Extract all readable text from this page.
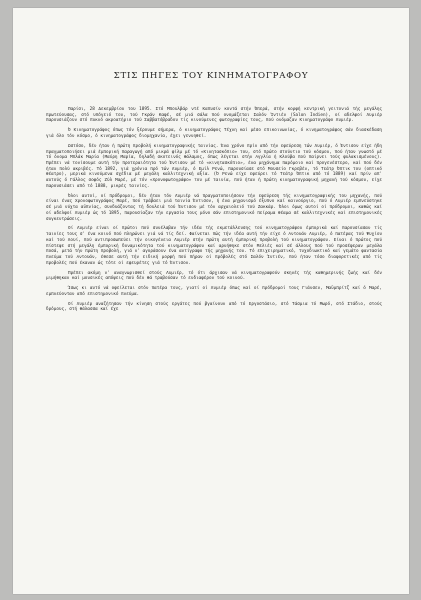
ΣΤΙΣ ΠΗΓΕΣ ΤΟΥ ΚΙΝΗΜΑΤΟΓΡΑΦΟΥ

Παρίσι, 28 Δεκεμβρίου του 1895. Στό Μπουλβάρ ντέ Καπυσίν κοντά στήν Όπερά, στήν κορφή κεντρική γειτονιά τής μεγάλης πρωτεύουσας, στό υπόγειό του, τού Γκράν Καφέ, σέ μιά σάλα πού ονομάζεται Σαλόν Ίντιέν (Salon Indien), οί αδελφοί Λυμιέρ παρουσιάζουν στό πυκνό ακροατήριο τού Σαββατόβραδου τίς κινούμενες φωτογραφίες τους, πού ονόμαζαν Κινηματογράφο Λυμιέρ.

Ό Κινηματογράφος όπως τόν ξέρουμε σήμερα, ό κινηματογράφος Τέχνη καί μέσο επικοινωνίας, ό κινηματογράφος σάν διασκέδαση γιά όλο τόν κόσμο, ό κινηματογράφος διομηχανία, έχει γεννηθεί.

Ωστόσο, δέν ήταν ή πρώτη προβολή κινηματογραφικής ταινίας. Ένα χρόνο πρίν από τήν εφεύρεση τών Λυμιέρ, ό Έντισον είχε ήδη πραγματοποιήσει μιά έμπορική παραγωγή από μικρά φίλμ μέ τό «Κινητασκόπιο» του, στό πρώτο στούντιο τού κόσμου, πού ήταν γνωστό μέ τό όνομα Μπλάκ Μαρία (Μαύρη Μαρία, δηλαδή σκοτεινός θάλαμος, όπως λέγεται στήν Αγγλία ή Κλούβα πού παίρνει τούς φυλακισμένους). Πρέπει νά τονίσουμε αυτή τήν προτεραιότητα τού Έντισον μέ τό «κινητασκόπιο», ένα μηχάνημα παρόμοιο καί προγενέστερο, καί πού δέν ήταν πολύ ακριβές. Τό 1892, γιά χρόνια πρό τών Λυμιέρ, ό Εμίλ Ρενώ, παρουσίασε στό Μουσείο Γκρεβέν, τό Τεάτρ Όπτικ του (οπτικό θέατρο), μερικά κινούμενα σχέδια μέ μεγάλη καλλιτεχνική αξία. (Ό Ρενώ είχε εφεύρει τό Τεάτρ Όπτικ από τό 1889) καί πρίν απ' αυτούς ό Γάλλος σοφός Ζύλ Μαρέ, μέ τόν «Χρονοφωτογράφο» του μέ ταινία, πού ήταν ή πρώτη κινηματογραφική μηχανή τού κόσμου, είχε παρουσιάσει από τό 1888, μικρές ταινίες.

Όλοι αυτοί, οί πρόδρομοι, δέν ήταν τόν Λυμιέρ νά πραγματοποιήσουν τήν εφεύρεση τής κινηματογραφικής του μηχανής, πού είναι ένας Χρονοφωτογράφος Μαρέ, πού τράβαει μιά ταινία Έντισον, ή ένα μηχανισμό έξυπνο καί καινούργιο, πού ό Λυμιέρ εμπνεύστηκε σέ μιά νύχτα αϋπνίας, συνδυάζοντας τή δουλειά τού Έντισον μέ τόν αρχαιολειό τού Ζακκάρ. Όλοι όμως αυτοί οί πρόδρομοι, καθώς καί οί αδελφοί Λυμιέρ ώς τό 1895, παρουσίαζαν τήν εργασία τους μόνο σάν επιστημονικό πείραμα θέαμα σέ καλλιτεχνικές καί επιστημονικές συγκεντρώσεις.

Οί Λυμιέρ είναι οί πρώτοι πού συνέλαβαν τήν ιδέα τής εκμετάλλευσης τού κινηματογράφου έμπορικά καί παρουσίασαν τίς ταινίες τους σ' ένα κοινό πού πληρώνει γιά νά τίς δεί. Φαίνεται πώς τήν ιδέα αυτή τήν είχε ό Αντουάν Λυμιέρ, ό πατέρας τού Ψυχίου καί τού Λουί, πού αντιπροσωπεύει τήν οικογένεια Λυμιέρ στήν πρώτη αυτή έμπορική προβολή τού κινηματογράφου. Είναι ό πρώτος πού πίστεψε στή μεγάλη έμπορική δυναμικότητα τού κινηματογράφου καί αρνήθηκε στόν Μελιές καί σέ άλλους πού τού προσέφεραν μεγάλα ποσά, μετά τήν πρώτη προβολή, γιά ν' αγοράσουν ένα αντίγραφο τής μηχανής του. Τό επιχειρηματικό, τυχοδιωκτικό καί γεμάτο φαντασία πνεύμα τού Αντουάν, έθεσε αυτή τήν ειδική μορφή πού πήραν οί πρόβολές στό Σαλόν Ίντιέν, πού ήταν τόσο διαφορετικές από τίς προβολές πού έκαναν ώς τότε οί εφευρέτες γιά τό Έντισον.

Πρέπει ακόμη ν' αναγνωρισθεί στούς Λυμιέρ, τό ότι άρχισαν νά κινηματογραφούν σκηνές τής καθημερινής ζωής καί δέν μιμήθηκαν καί μουσικές απόψεις πού δέν θά τραβούσαν τό ενδιαφέρον τού κοινού.

Ίσως κι αυτό νά οφείλεται στόν πατέρα τους, γιατί οί Λυμιέρ όπως καί οί πρόδρομοί τους Γιάνσεν, Μαϋμπρίτζ καί ό Μαρέ, εμπνεύονταν από επιστημονικό πνεύμα.

Οί Λυμιέρ αναζήτησαν τήν κίνηση στούς εργάτες πού βγαίνουν από τό Εργοστάσιο, στό Τάσμια τό Μωρό, στό Στάδιο, στούς δρόμους, στή θάλασσα καί έχε
